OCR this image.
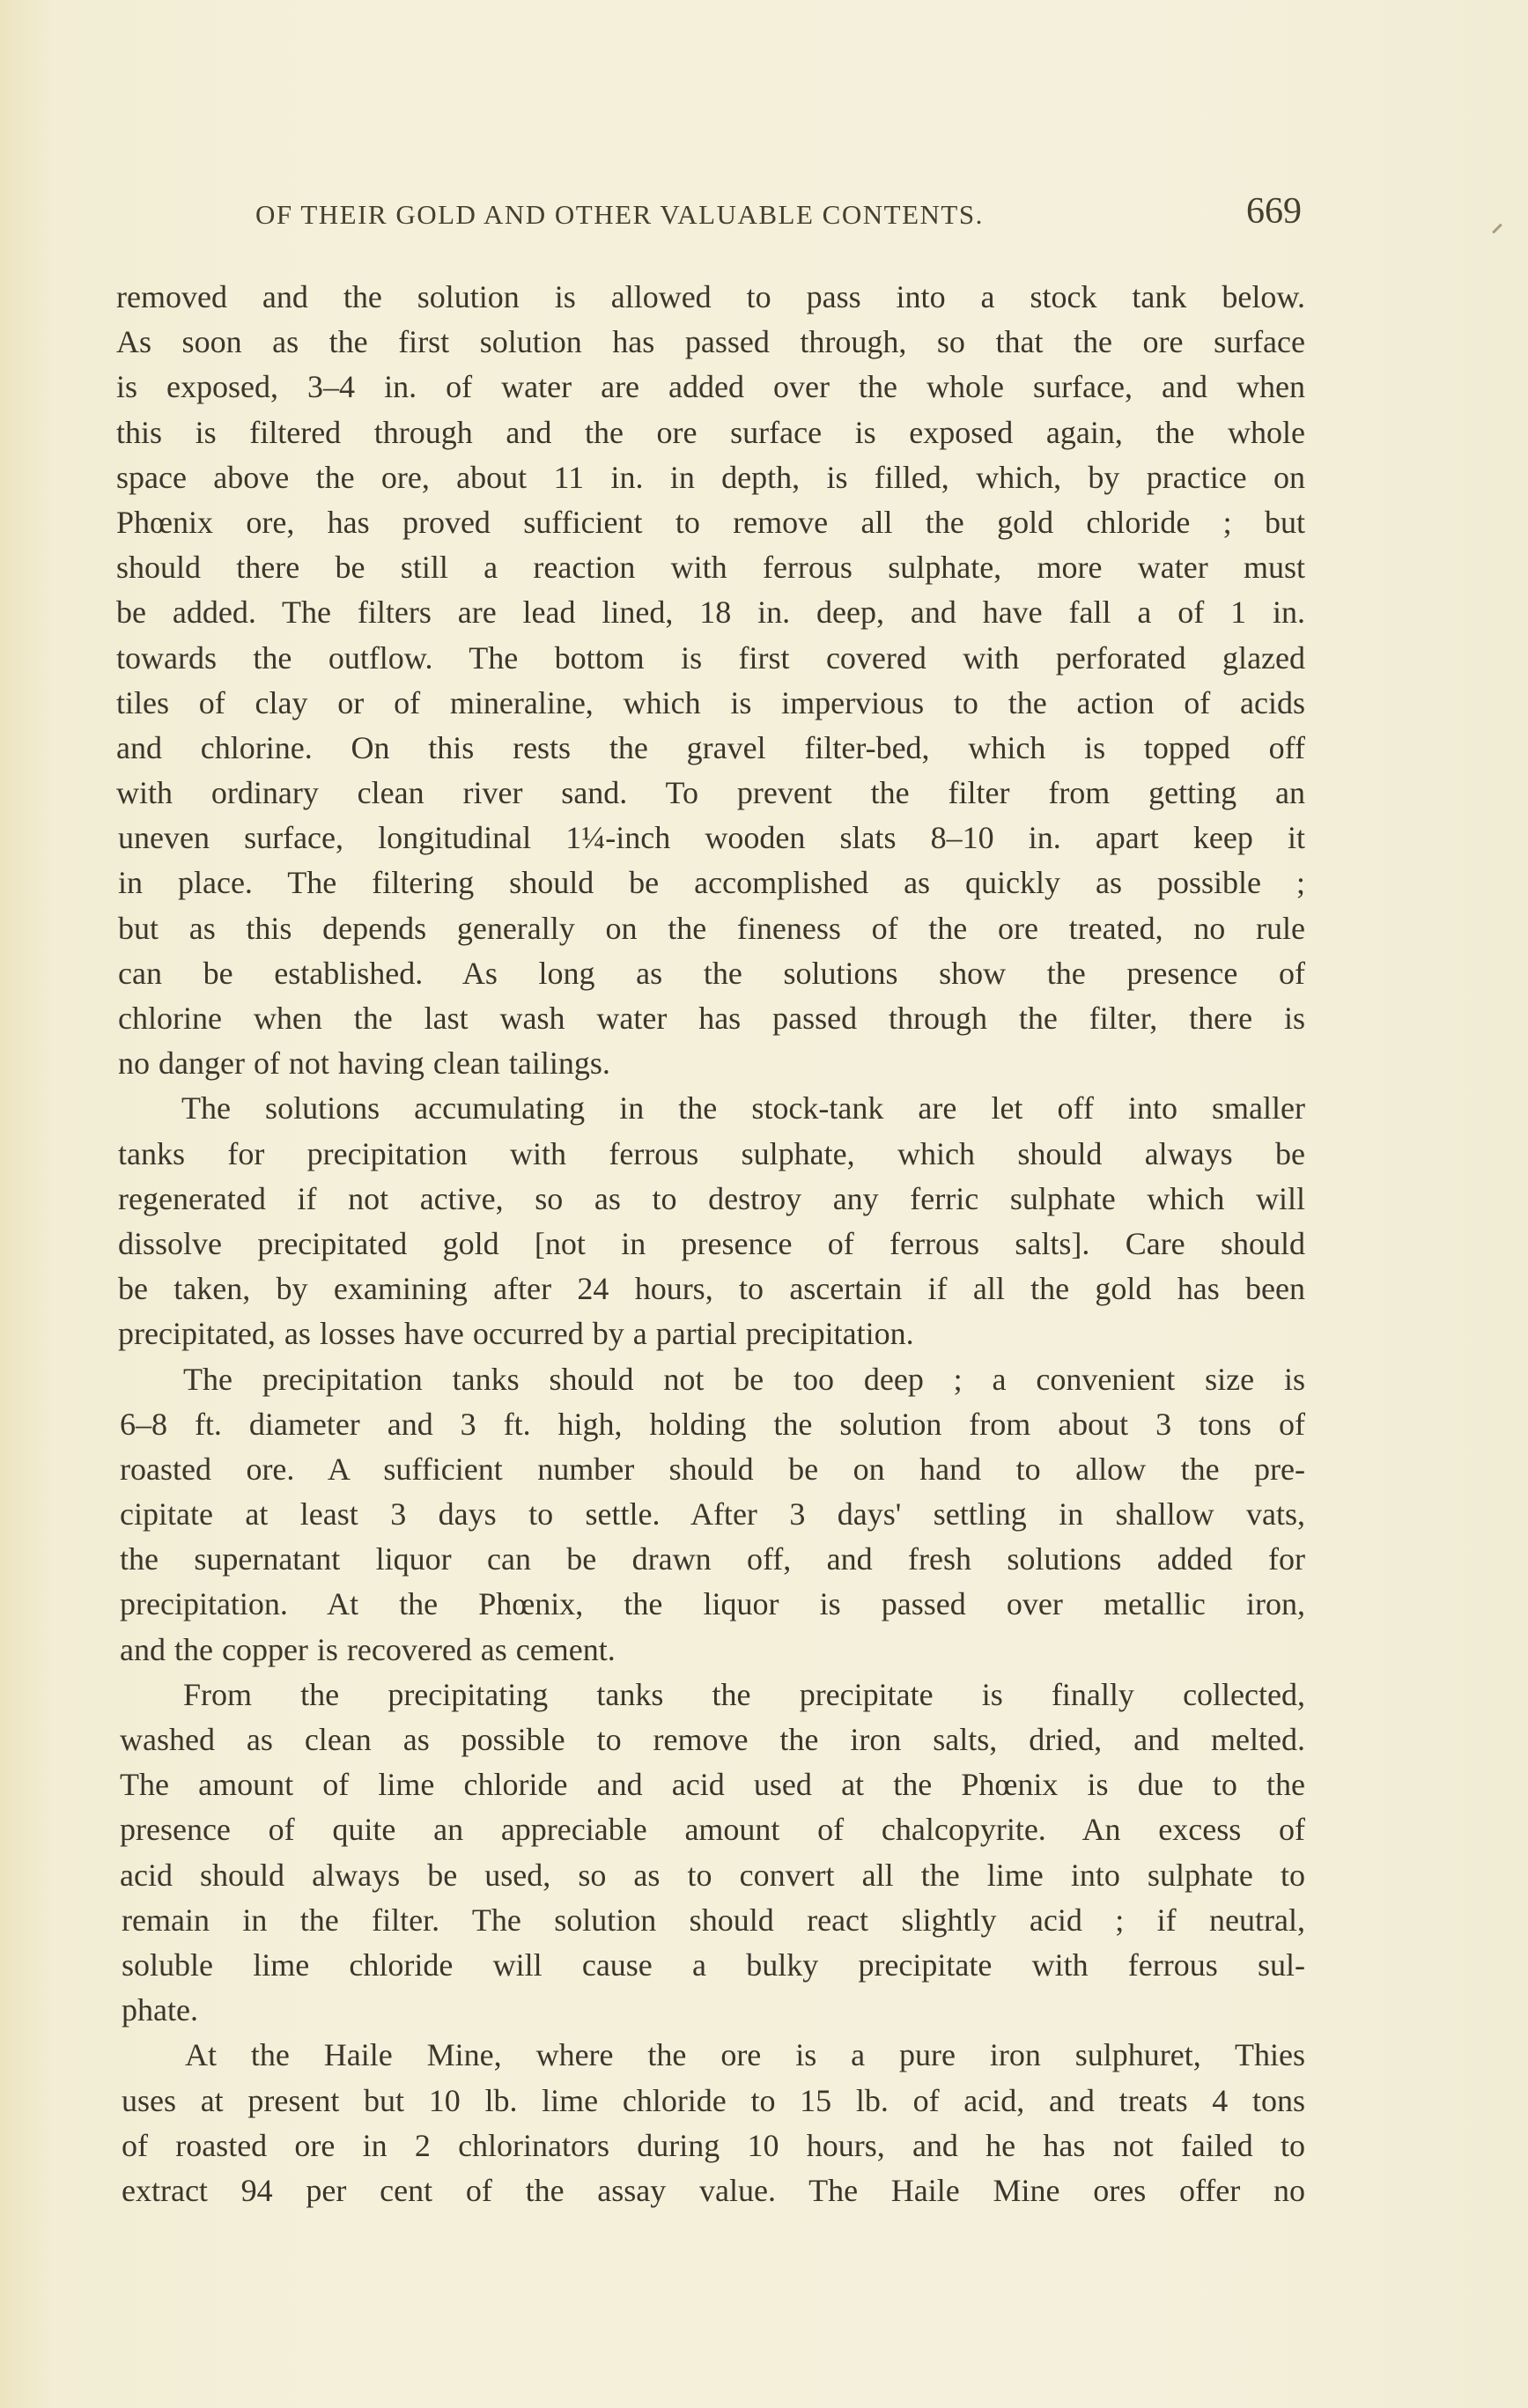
OF THEIR GOLD AND OTHER VALUABLE CONTENTS.	669
removed and the solution is allowed to pass into a stock tank below.
As soon as the first solution has passed through, so that the ore surface
is exposed, 3–4 in. of water are added over the whole surface, and when
this is filtered through and the ore surface is exposed again, the whole
space above the ore, about 11 in. in depth, is filled, which, by practice on
Phœnix ore, has proved sufficient to remove all the gold chloride ; but
should there be still a reaction with ferrous sulphate, more water must
be added. The filters are lead lined, 18 in. deep, and have fall a of 1 in.
towards the outflow. The bottom is first covered with perforated glazed
tiles of clay or of mineraline, which is impervious to the action of acids
and chlorine. On this rests the gravel filter-bed, which is topped off
with ordinary clean river sand. To prevent the filter from getting an
uneven surface, longitudinal 1¼-inch wooden slats 8–10 in. apart keep it
in place. The filtering should be accomplished as quickly as possible ;
but as this depends generally on the fineness of the ore treated, no rule
can be established. As long as the solutions show the presence of
chlorine when the last wash water has passed through the filter, there is
no danger of not having clean tailings.
The solutions accumulating in the stock-tank are let off into smaller
tanks for precipitation with ferrous sulphate, which should always be
regenerated if not active, so as to destroy any ferric sulphate which will
dissolve precipitated gold [not in presence of ferrous salts]. Care should
be taken, by examining after 24 hours, to ascertain if all the gold has been
precipitated, as losses have occurred by a partial precipitation.
The precipitation tanks should not be too deep ; a convenient size is
6–8 ft. diameter and 3 ft. high, holding the solution from about 3 tons of
roasted ore. A sufficient number should be on hand to allow the pre-
cipitate at least 3 days to settle. After 3 days' settling in shallow vats,
the supernatant liquor can be drawn off, and fresh solutions added for
precipitation. At the Phœnix, the liquor is passed over metallic iron,
and the copper is recovered as cement.
From the precipitating tanks the precipitate is finally collected,
washed as clean as possible to remove the iron salts, dried, and melted.
The amount of lime chloride and acid used at the Phœnix is due to the
presence of quite an appreciable amount of chalcopyrite. An excess of
acid should always be used, so as to convert all the lime into sulphate to
remain in the filter. The solution should react slightly acid ; if neutral,
soluble lime chloride will cause a bulky precipitate with ferrous sul-
phate.
At the Haile Mine, where the ore is a pure iron sulphuret, Thies
uses at present but 10 lb. lime chloride to 15 lb. of acid, and treats 4 tons
of roasted ore in 2 chlorinators during 10 hours, and he has not failed to
extract 94 per cent of the assay value. The Haile Mine ores offer no
